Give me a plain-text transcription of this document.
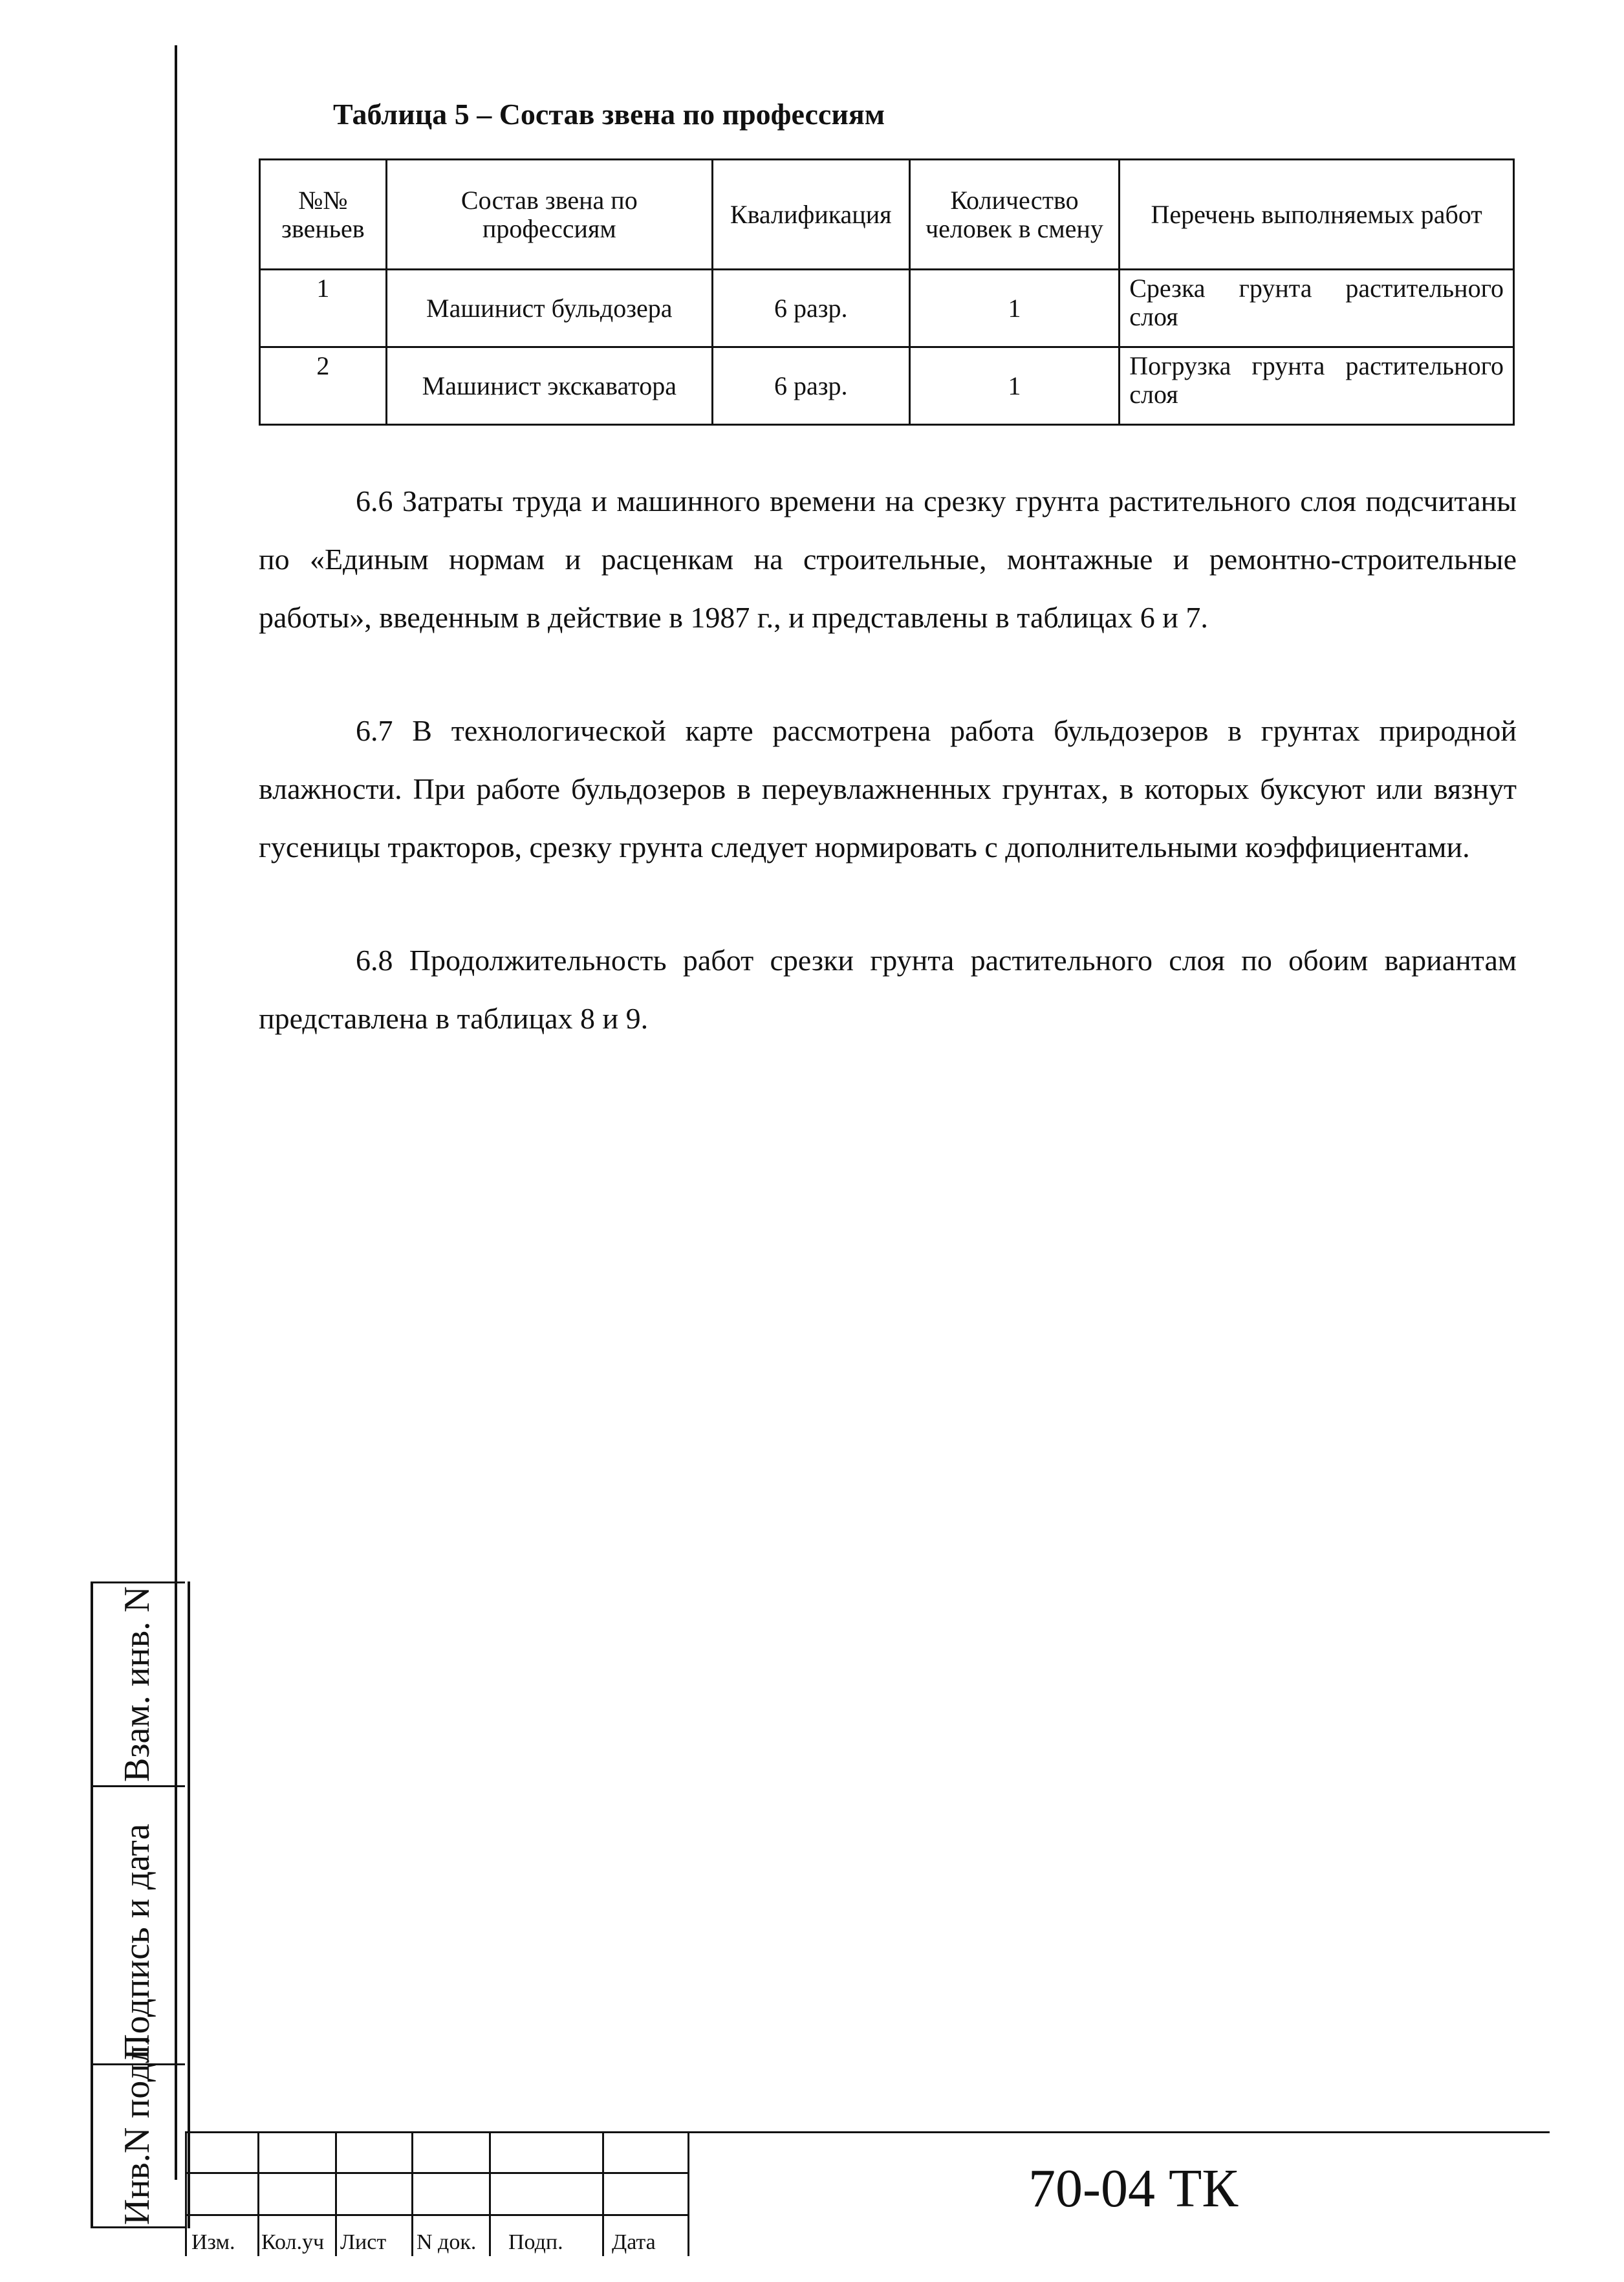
Инв.N подл.
Подпись и дата
Взам. инв. N
Таблица 5 – Состав звена по профессиям
№№ звеньев	Состав звена по профессиям	Квалификация	Количество человек в смену	Перечень выполняемых работ
1	Машинист бульдозера	6 разр.	1	Срезка грунта растительного слоя
2	Машинист экскаватора	6 разр.	1	Погрузка грунта растительного слоя

6.6 Затраты труда и машинного времени на срезку грунта растительного слоя подсчитаны по «Единым нормам и расценкам на строительные, монтажные и ремонтно-строительные работы», введенным в действие в 1987 г., и представлены в таблицах 6 и 7.

6.7 В технологической карте рассмотрена работа бульдозеров в грунтах природной влажности. При работе бульдозеров в переувлажненных грунтах, в которых буксуют или вязнут гусеницы тракторов, срезку грунта следует нормировать с дополнительными коэффициентами.

6.8 Продолжительность работ срезки грунта растительного слоя по обоим вариантам представлена в таблицах 8 и 9.

Изм. Кол.уч Лист N док. Подп. Дата
70-04 ТК
